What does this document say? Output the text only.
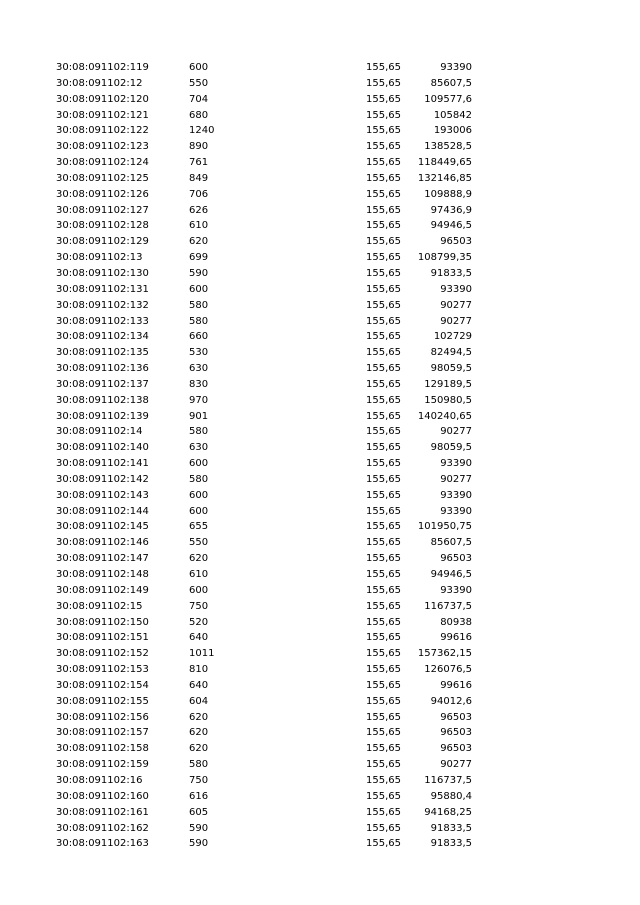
30:08:091102:119	600	155,65	93390
30:08:091102:12	550	155,65	85607,5
30:08:091102:120	704	155,65	109577,6
30:08:091102:121	680	155,65	105842
30:08:091102:122	1240	155,65	193006
30:08:091102:123	890	155,65	138528,5
30:08:091102:124	761	155,65	118449,65
30:08:091102:125	849	155,65	132146,85
30:08:091102:126	706	155,65	109888,9
30:08:091102:127	626	155,65	97436,9
30:08:091102:128	610	155,65	94946,5
30:08:091102:129	620	155,65	96503
30:08:091102:13	699	155,65	108799,35
30:08:091102:130	590	155,65	91833,5
30:08:091102:131	600	155,65	93390
30:08:091102:132	580	155,65	90277
30:08:091102:133	580	155,65	90277
30:08:091102:134	660	155,65	102729
30:08:091102:135	530	155,65	82494,5
30:08:091102:136	630	155,65	98059,5
30:08:091102:137	830	155,65	129189,5
30:08:091102:138	970	155,65	150980,5
30:08:091102:139	901	155,65	140240,65
30:08:091102:14	580	155,65	90277
30:08:091102:140	630	155,65	98059,5
30:08:091102:141	600	155,65	93390
30:08:091102:142	580	155,65	90277
30:08:091102:143	600	155,65	93390
30:08:091102:144	600	155,65	93390
30:08:091102:145	655	155,65	101950,75
30:08:091102:146	550	155,65	85607,5
30:08:091102:147	620	155,65	96503
30:08:091102:148	610	155,65	94946,5
30:08:091102:149	600	155,65	93390
30:08:091102:15	750	155,65	116737,5
30:08:091102:150	520	155,65	80938
30:08:091102:151	640	155,65	99616
30:08:091102:152	1011	155,65	157362,15
30:08:091102:153	810	155,65	126076,5
30:08:091102:154	640	155,65	99616
30:08:091102:155	604	155,65	94012,6
30:08:091102:156	620	155,65	96503
30:08:091102:157	620	155,65	96503
30:08:091102:158	620	155,65	96503
30:08:091102:159	580	155,65	90277
30:08:091102:16	750	155,65	116737,5
30:08:091102:160	616	155,65	95880,4
30:08:091102:161	605	155,65	94168,25
30:08:091102:162	590	155,65	91833,5
30:08:091102:163	590	155,65	91833,5
